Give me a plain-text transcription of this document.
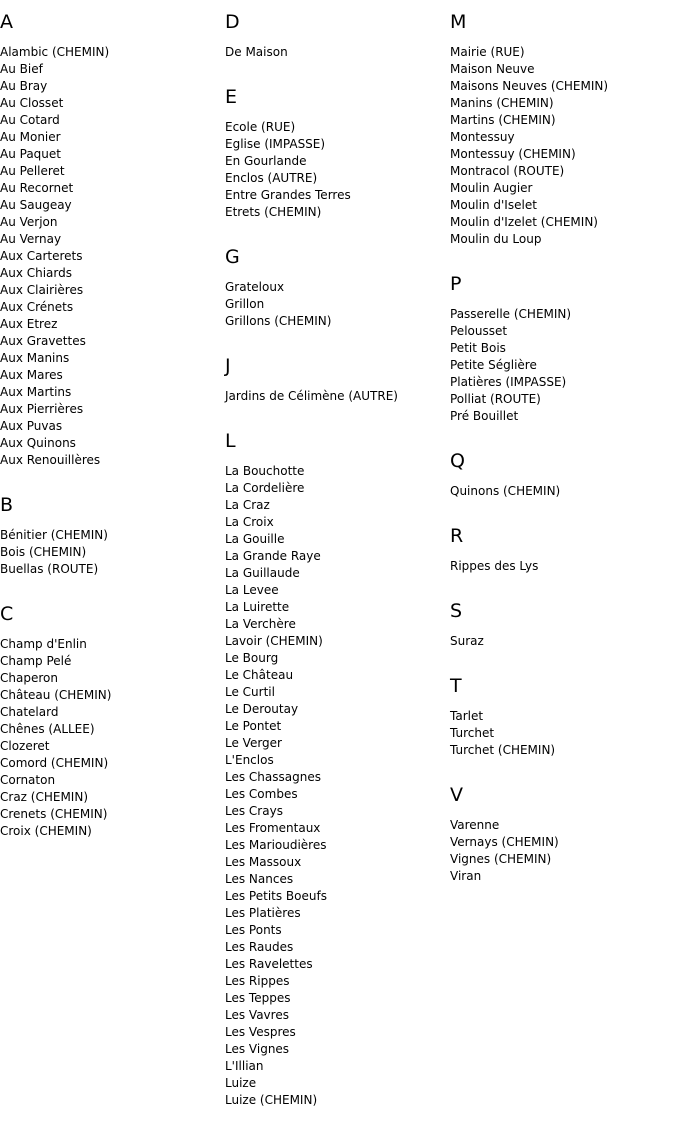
A
Alambic (CHEMIN)
Au Bief
Au Bray
Au Closset
Au Cotard
Au Monier
Au Paquet
Au Pelleret
Au Recornet
Au Saugeay
Au Verjon
Au Vernay
Aux Carterets
Aux Chiards
Aux Clairières
Aux Crénets
Aux Etrez
Aux Gravettes
Aux Manins
Aux Mares
Aux Martins
Aux Pierrières
Aux Puvas
Aux Quinons
Aux Renouillères
B
Bénitier (CHEMIN)
Bois (CHEMIN)
Buellas (ROUTE)
C
Champ d'Enlin
Champ Pelé
Chaperon
Château (CHEMIN)
Chatelard
Chênes (ALLEE)
Clozeret
Comord (CHEMIN)
Cornaton
Craz (CHEMIN)
Crenets (CHEMIN)
Croix (CHEMIN)
D
De Maison
E
Ecole (RUE)
Eglise (IMPASSE)
En Gourlande
Enclos (AUTRE)
Entre Grandes Terres
Etrets (CHEMIN)
G
Grateloux
Grillon
Grillons (CHEMIN)
J
Jardins de Célimène (AUTRE)
L
La Bouchotte
La Cordelière
La Craz
La Croix
La Gouille
La Grande Raye
La Guillaude
La Levee
La Luirette
La Verchère
Lavoir (CHEMIN)
Le Bourg
Le Château
Le Curtil
Le Deroutay
Le Pontet
Le Verger
L'Enclos
Les Chassagnes
Les Combes
Les Crays
Les Fromentaux
Les Marioudières
Les Massoux
Les Nances
Les Petits Boeufs
Les Platières
Les Ponts
Les Raudes
Les Ravelettes
Les Rippes
Les Teppes
Les Vavres
Les Vespres
Les Vignes
L'Illian
Luize
Luize (CHEMIN)
M
Mairie (RUE)
Maison Neuve
Maisons Neuves (CHEMIN)
Manins (CHEMIN)
Martins (CHEMIN)
Montessuy
Montessuy (CHEMIN)
Montracol (ROUTE)
Moulin Augier
Moulin d'Iselet
Moulin d'Izelet (CHEMIN)
Moulin du Loup
P
Passerelle (CHEMIN)
Pelousset
Petit Bois
Petite Séglière
Platières (IMPASSE)
Polliat (ROUTE)
Pré Bouillet
Q
Quinons (CHEMIN)
R
Rippes des Lys
S
Suraz
T
Tarlet
Turchet
Turchet (CHEMIN)
V
Varenne
Vernays (CHEMIN)
Vignes (CHEMIN)
Viran
